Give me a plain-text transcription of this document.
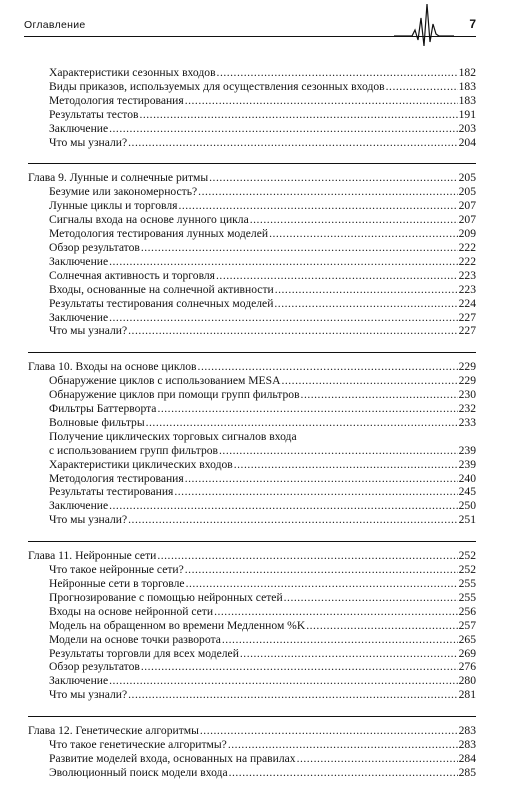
Оглавление	7
Характеристики сезонных входов .....	182
Виды приказов, используемых для осуществления сезонных входов .....	183
Методология тестирования .....	183
Результаты тестов .....	191
Заключение .....	203
Что мы узнали? .....	204
Глава 9. Лунные и солнечные ритмы .....	205
Безумие или закономерность? .....	205
Лунные циклы и торговля .....	207
Сигналы входа на основе лунного цикла .....	207
Методология тестирования лунных моделей .....	209
Обзор результатов .....	222
Заключение .....	222
Солнечная активность и торговля .....	223
Входы, основанные на солнечной активности .....	223
Результаты тестирования солнечных моделей .....	224
Заключение .....	227
Что мы узнали? .....	227
Глава 10. Входы на основе циклов .....	229
Обнаружение циклов с использованием MESA .....	229
Обнаружение циклов при помощи групп фильтров .....	230
Фильтры Баттерворта .....	232
Волновые фильтры .....	233
Получение циклических торговых сигналов входа
с использованием групп фильтров .....	239
Характеристики циклических входов .....	239
Методология тестирования .....	240
Результаты тестирования .....	245
Заключение .....	250
Что мы узнали? .....	251
Глава 11. Нейронные сети .....	252
Что такое нейронные сети? .....	252
Нейронные сети в торговле .....	255
Прогнозирование с помощью нейронных сетей .....	255
Входы на основе нейронной сети .....	256
Модель на обращенном во времени Медленном %K .....	257
Модели на основе точки разворота .....	265
Результаты торговли для всех моделей .....	269
Обзор результатов .....	276
Заключение .....	280
Что мы узнали? .....	281
Глава 12. Генетические алгоритмы .....	283
Что такое генетические алгоритмы? .....	283
Развитие моделей входа, основанных на правилах .....	284
Эволюционный поиск модели входа .....	285
